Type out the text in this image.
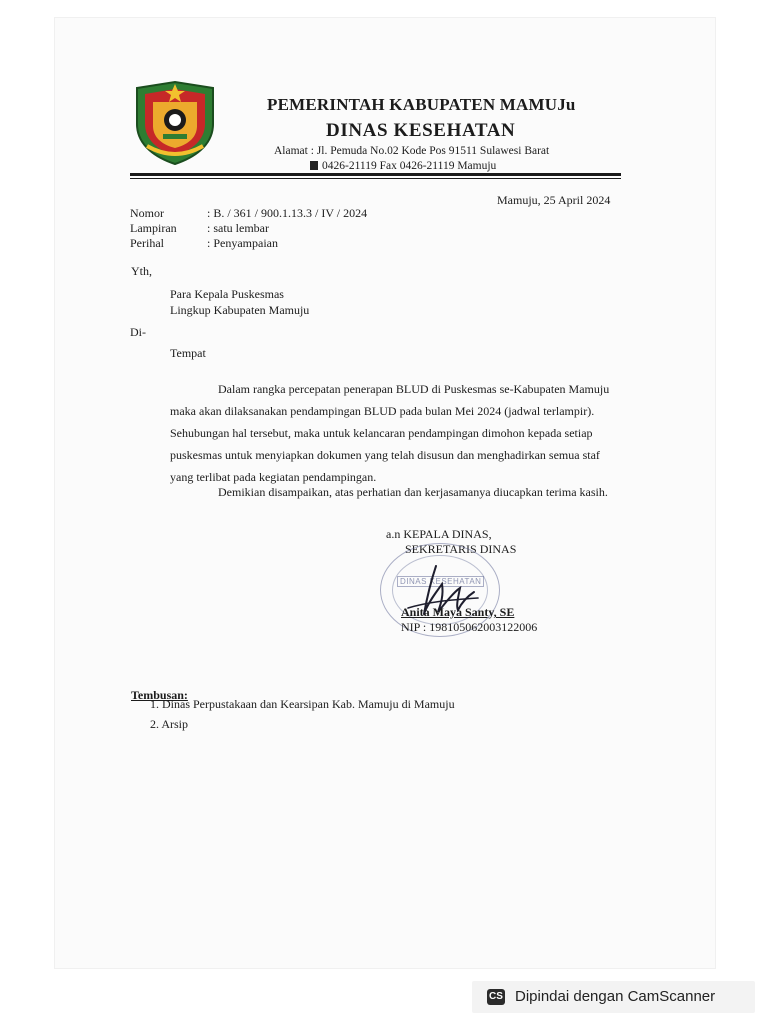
PEMERINTAH KABUPATEN MAMUJu
DINAS KESEHATAN
Alamat : Jl. Pemuda No.02 Kode Pos 91511 Sulawesi Barat
0426-21119 Fax 0426-21119 Mamuju
Mamuju, 25 April 2024
Nomor	: B. / 361 / 900.1.13.3 / IV / 2024
Lampiran	: satu lembar
Perihal	: Penyampaian
Yth,
Para Kepala Puskesmas
Lingkup Kabupaten Mamuju
Di-
Tempat
Dalam rangka percepatan penerapan BLUD di Puskesmas se-Kabupaten Mamuju
maka akan dilaksanakan pendampingan BLUD pada bulan Mei 2024 (jadwal terlampir).
Sehubungan hal tersebut, maka untuk kelancaran pendampingan dimohon kepada setiap
puskesmas untuk menyiapkan dokumen yang telah disusun dan menghadirkan semua staf
yang terlibat pada kegiatan pendampingan.
Demikian disampaikan, atas perhatian dan kerjasamanya diucapkan terima kasih.
a.n KEPALA DINAS,
SEKRETARIS DINAS
DINAS KESEHATAN
Anita Maya Santy, SE
NIP : 198105062003122006
Tembusan:
1. Dinas Perpustakaan dan Kearsipan Kab. Mamuju di Mamuju
2. Arsip
CS Dipindai dengan CamScanner
